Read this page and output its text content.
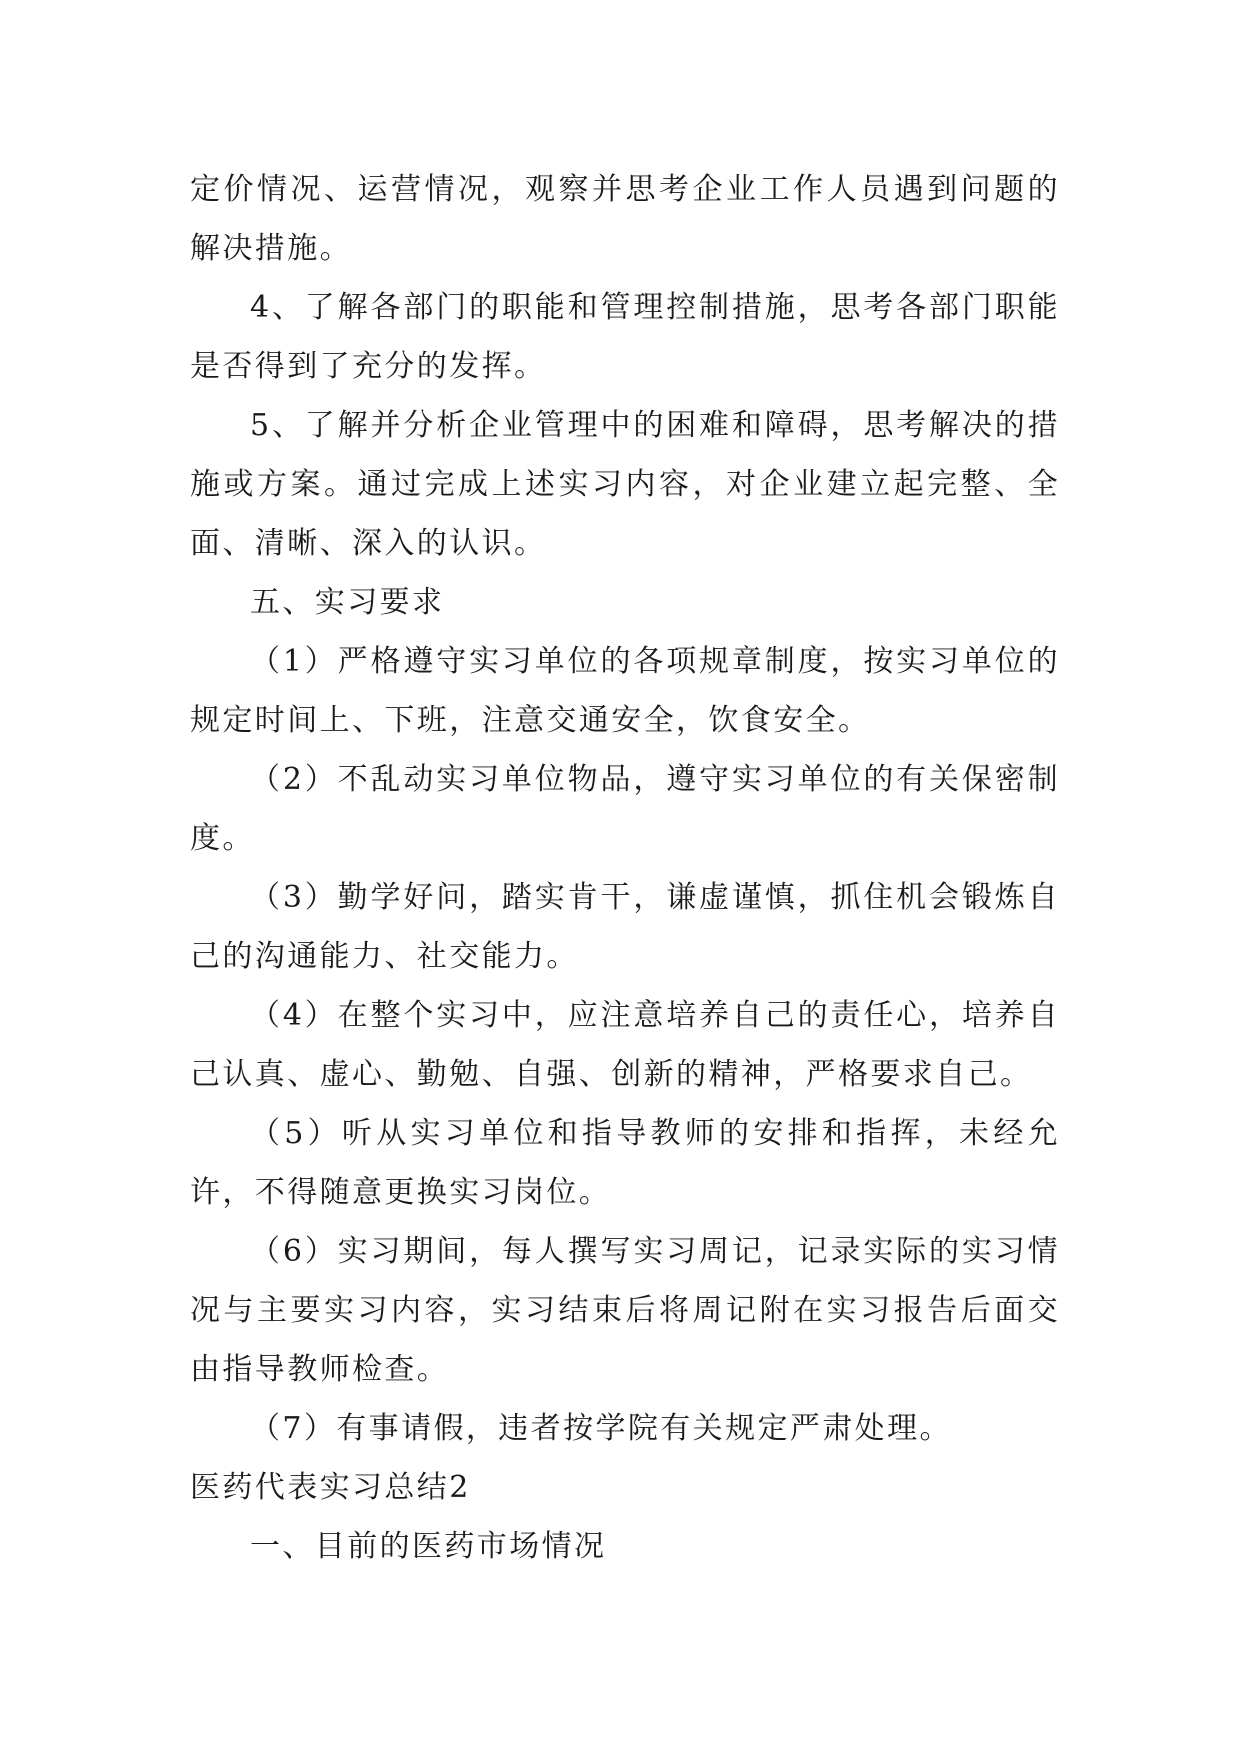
定价情况、运营情况，观察并思考企业工作人员遇到问题的解决措施。

4、了解各部门的职能和管理控制措施，思考各部门职能是否得到了充分的发挥。

5、了解并分析企业管理中的困难和障碍，思考解决的措施或方案。通过完成上述实习内容，对企业建立起完整、全面、清晰、深入的认识。

五、实习要求

（1）严格遵守实习单位的各项规章制度，按实习单位的规定时间上、下班，注意交通安全，饮食安全。

（2）不乱动实习单位物品，遵守实习单位的有关保密制度。

（3）勤学好问，踏实肯干，谦虚谨慎，抓住机会锻炼自己的沟通能力、社交能力。

（4）在整个实习中，应注意培养自己的责任心，培养自己认真、虚心、勤勉、自强、创新的精神，严格要求自己。

（5）听从实习单位和指导教师的安排和指挥，未经允许，不得随意更换实习岗位。

（6）实习期间，每人撰写实习周记，记录实际的实习情况与主要实习内容，实习结束后将周记附在实习报告后面交由指导教师检查。

（7）有事请假，违者按学院有关规定严肃处理。

医药代表实习总结2

一、目前的医药市场情况
